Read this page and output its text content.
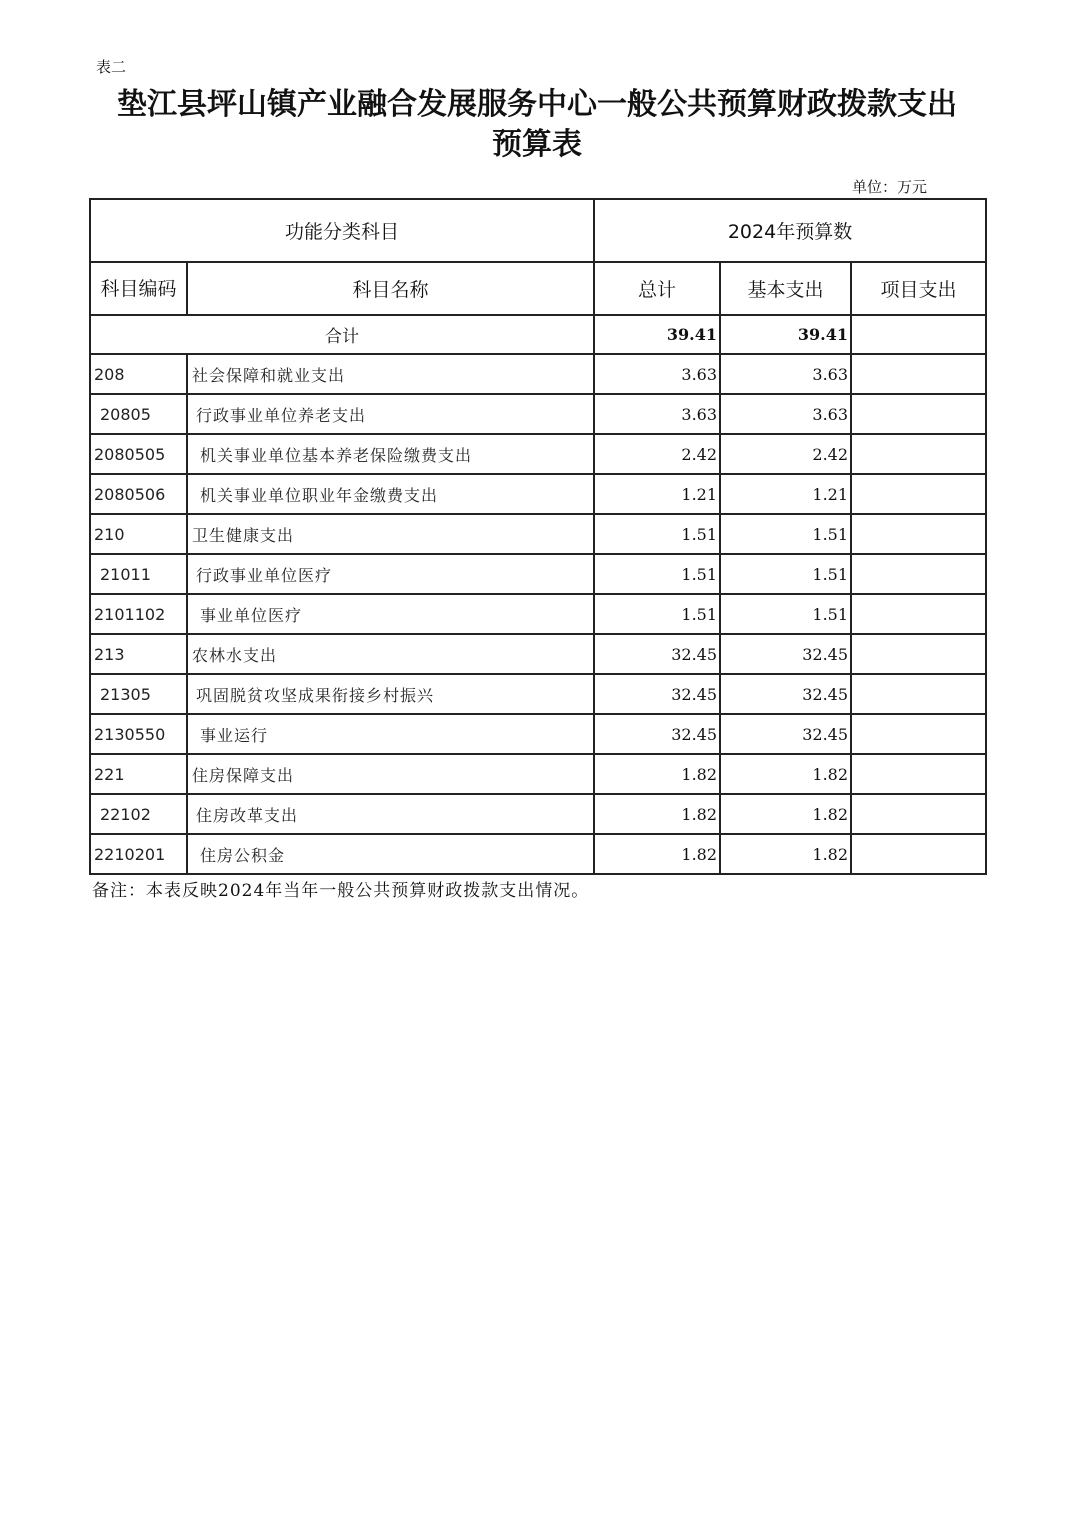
表二
垫江县坪山镇产业融合发展服务中心一般公共预算财政拨款支出
预算表
单位：万元
功能分类科目		2024年预算数		
科目编码	科目名称	总计	基本支出	项目支出
合计		39.41	39.41	
208	社会保障和就业支出	3.63	3.63	
20805	行政事业单位养老支出	3.63	3.63	
2080505	机关事业单位基本养老保险缴费支出	2.42	2.42	
2080506	机关事业单位职业年金缴费支出	1.21	1.21	
210	卫生健康支出	1.51	1.51	
21011	行政事业单位医疗	1.51	1.51	
2101102	事业单位医疗	1.51	1.51	
213	农林水支出	32.45	32.45	
21305	巩固脱贫攻坚成果衔接乡村振兴	32.45	32.45	
2130550	事业运行	32.45	32.45	
221	住房保障支出	1.82	1.82	
22102	住房改革支出	1.82	1.82	
2210201	住房公积金	1.82	1.82	
备注：本表反映2024年当年一般公共预算财政拨款支出情况。
